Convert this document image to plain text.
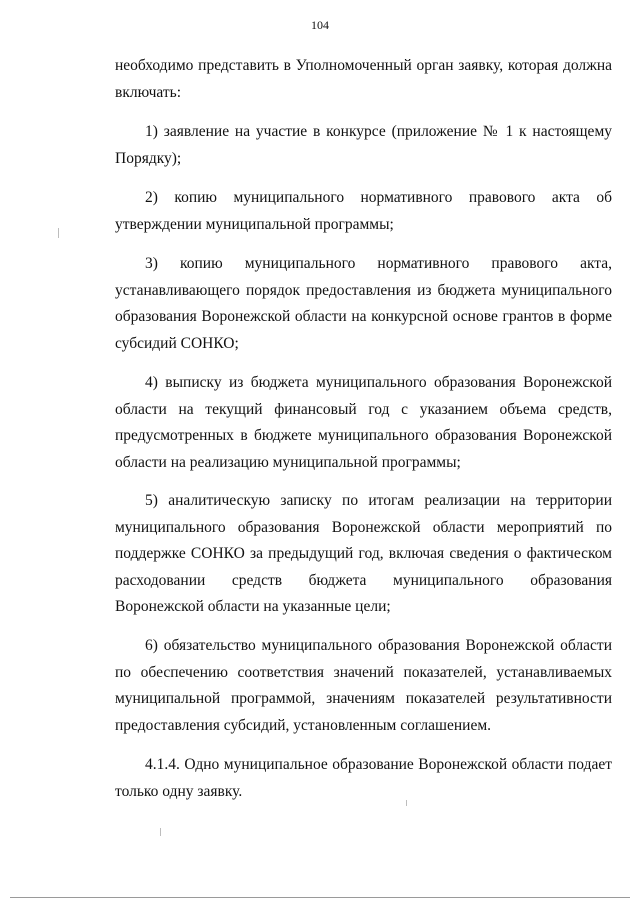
104

необходимо представить в Уполномоченный орган заявку, которая должна включать:

1) заявление на участие в конкурсе (приложение № 1 к настоящему Порядку);

2) копию муниципального нормативного правового акта об утверждении муниципальной программы;

3) копию муниципального нормативного правового акта, устанавливающего порядок предоставления из бюджета муниципального образования Воронежской области на конкурсной основе грантов в форме субсидий СОНКО;

4) выписку из бюджета муниципального образования Воронежской области на текущий финансовый год с указанием объема средств, предусмотренных в бюджете муниципального образования Воронежской области на реализацию муниципальной программы;

5) аналитическую записку по итогам реализации на территории муниципального образования Воронежской области мероприятий по поддержке СОНКО за предыдущий год, включая сведения о фактическом расходовании средств бюджета муниципального образования Воронежской области на указанные цели;

6) обязательство муниципального образования Воронежской области по обеспечению соответствия значений показателей, устанавливаемых муниципальной программой, значениям показателей результативности предоставления субсидий, установленным соглашением.

4.1.4. Одно муниципальное образование Воронежской области подает только одну заявку.
